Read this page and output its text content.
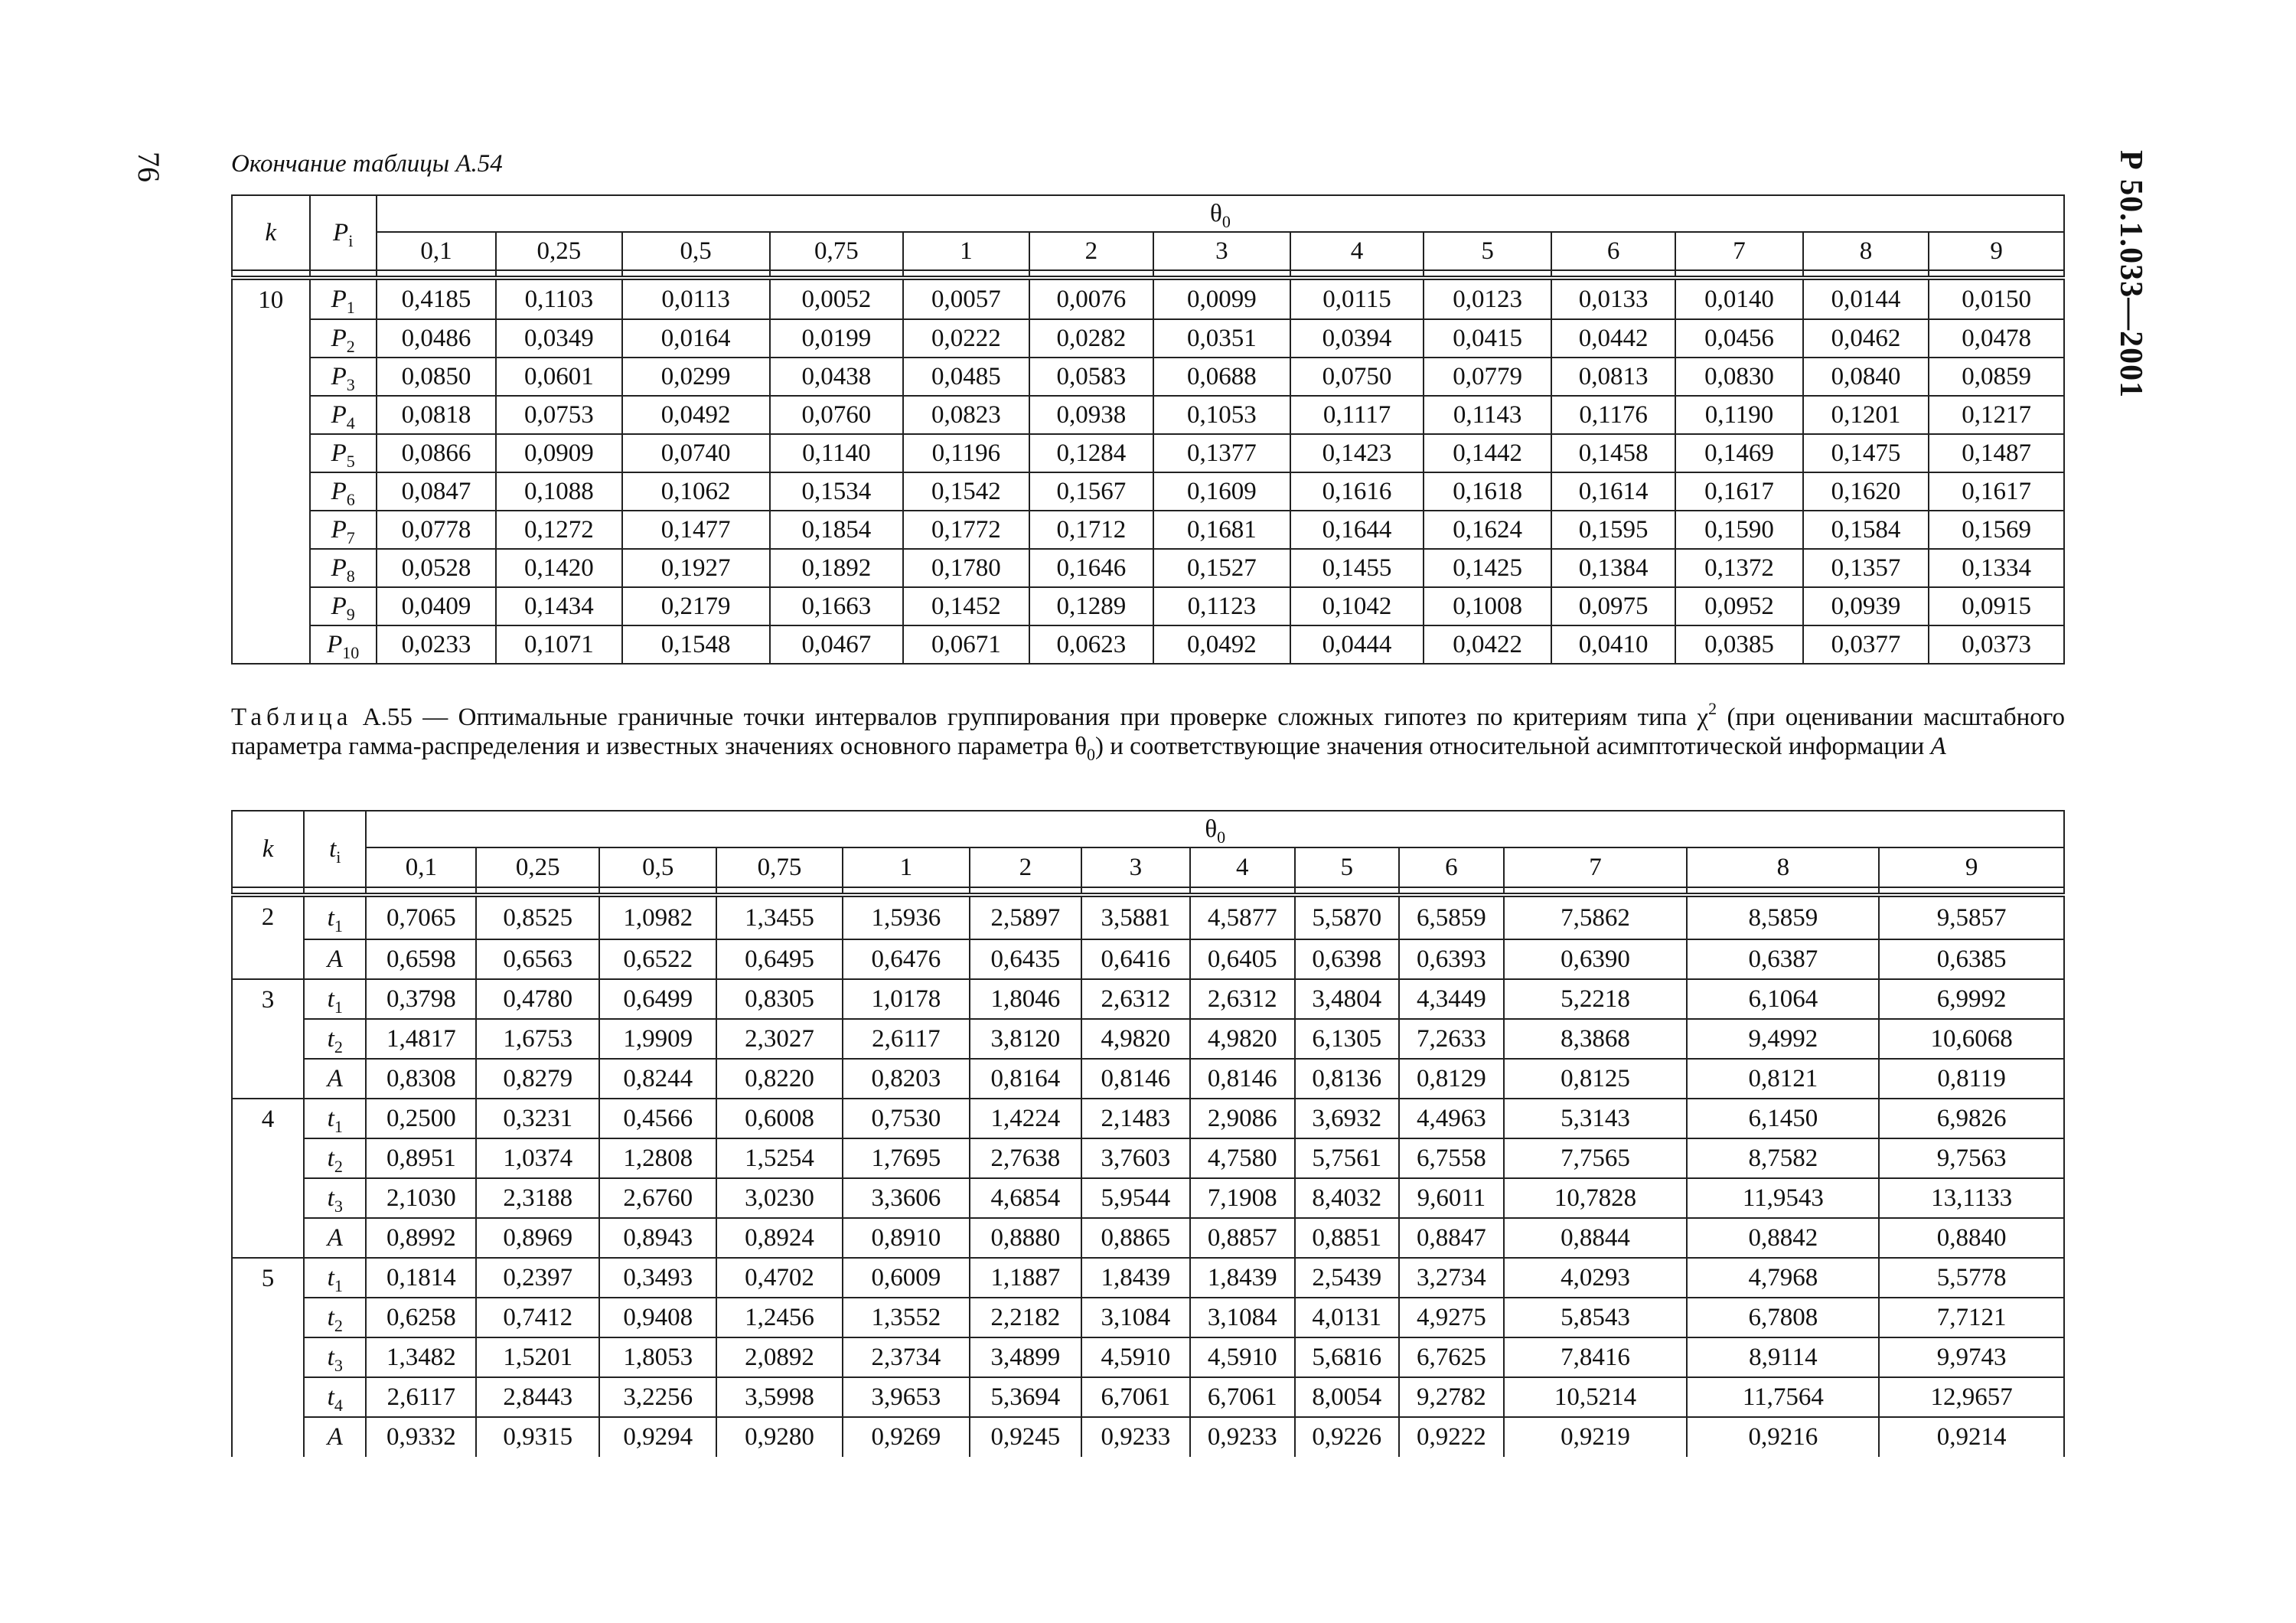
76	Р 50.1.033—2001
Окончание таблицы А.54
k	$P_i$	$\theta_0$
		0,1	0,25	0,5	0,75	1	2	3	4	5	6	7	8	9

10	$P_1$	0,4185	0,1103	0,0113	0,0052	0,0057	0,0076	0,0099	0,0115	0,0123	0,0133	0,0140	0,0144	0,0150
	$P_2$	0,0486	0,0349	0,0164	0,0199	0,0222	0,0282	0,0351	0,0394	0,0415	0,0442	0,0456	0,0462	0,0478
	$P_3$	0,0850	0,0601	0,0299	0,0438	0,0485	0,0583	0,0688	0,0750	0,0779	0,0813	0,0830	0,0840	0,0859
	$P_4$	0,0818	0,0753	0,0492	0,0760	0,0823	0,0938	0,1053	0,1117	0,1143	0,1176	0,1190	0,1201	0,1217
	$P_5$	0,0866	0,0909	0,0740	0,1140	0,1196	0,1284	0,1377	0,1423	0,1442	0,1458	0,1469	0,1475	0,1487
	$P_6$	0,0847	0,1088	0,1062	0,1534	0,1542	0,1567	0,1609	0,1616	0,1618	0,1614	0,1617	0,1620	0,1617
	$P_7$	0,0778	0,1272	0,1477	0,1854	0,1772	0,1712	0,1681	0,1644	0,1624	0,1595	0,1590	0,1584	0,1569
	$P_8$	0,0528	0,1420	0,1927	0,1892	0,1780	0,1646	0,1527	0,1455	0,1425	0,1384	0,1372	0,1357	0,1334
	$P_9$	0,0409	0,1434	0,2179	0,1663	0,1452	0,1289	0,1123	0,1042	0,1008	0,0975	0,0952	0,0939	0,0915
	$P_{10}$	0,0233	0,1071	0,1548	0,0467	0,0671	0,0623	0,0492	0,0444	0,0422	0,0410	0,0385	0,0377	0,0373
Таблица А.55 — Оптимальные граничные точки интервалов группирования при проверке сложных гипотез по критериям типа $\chi^2$ (при оценивании масштабного параметра гамма-распределения и известных значениях основного параметра $\theta_0$) и соответствующие значения относительной асимптотической информации А
k	$t_i$	$\theta_0$
		0,1	0,25	0,5	0,75	1	2	3	4	5	6	7	8	9

2	$t_1$	0,7065	0,8525	1,0982	1,3455	1,5936	2,5897	3,5881	4,5877	5,5870	6,5859	7,5862	8,5859	9,5857
	A	0,6598	0,6563	0,6522	0,6495	0,6476	0,6435	0,6416	0,6405	0,6398	0,6393	0,6390	0,6387	0,6385
3	$t_1$	0,3798	0,4780	0,6499	0,8305	1,0178	1,8046	2,6312	2,6312	3,4804	4,3449	5,2218	6,1064	6,9992
	$t_2$	1,4817	1,6753	1,9909	2,3027	2,6117	3,8120	4,9820	4,9820	6,1305	7,2633	8,3868	9,4992	10,6068
	A	0,8308	0,8279	0,8244	0,8220	0,8203	0,8164	0,8146	0,8146	0,8136	0,8129	0,8125	0,8121	0,8119
4	$t_1$	0,2500	0,3231	0,4566	0,6008	0,7530	1,4224	2,1483	2,9086	3,6932	4,4963	5,3143	6,1450	6,9826
	$t_2$	0,8951	1,0374	1,2808	1,5254	1,7695	2,7638	3,7603	4,7580	5,7561	6,7558	7,7565	8,7582	9,7563
	$t_3$	2,1030	2,3188	2,6760	3,0230	3,3606	4,6854	5,9544	7,1908	8,4032	9,6011	10,7828	11,9543	13,1133
	A	0,8992	0,8969	0,8943	0,8924	0,8910	0,8880	0,8865	0,8857	0,8851	0,8847	0,8844	0,8842	0,8840
5	$t_1$	0,1814	0,2397	0,3493	0,4702	0,6009	1,1887	1,8439	1,8439	2,5439	3,2734	4,0293	4,7968	5,5778
	$t_2$	0,6258	0,7412	0,9408	1,2456	1,3552	2,2182	3,1084	3,1084	4,0131	4,9275	5,8543	6,7808	7,7121
	$t_3$	1,3482	1,5201	1,8053	2,0892	2,3734	3,4899	4,5910	4,5910	5,6816	6,7625	7,8416	8,9114	9,9743
	$t_4$	2,6117	2,8443	3,2256	3,5998	3,9653	5,3694	6,7061	6,7061	8,0054	9,2782	10,5214	11,7564	12,9657
	A	0,9332	0,9315	0,9294	0,9280	0,9269	0,9245	0,9233	0,9233	0,9226	0,9222	0,9219	0,9216	0,9214
